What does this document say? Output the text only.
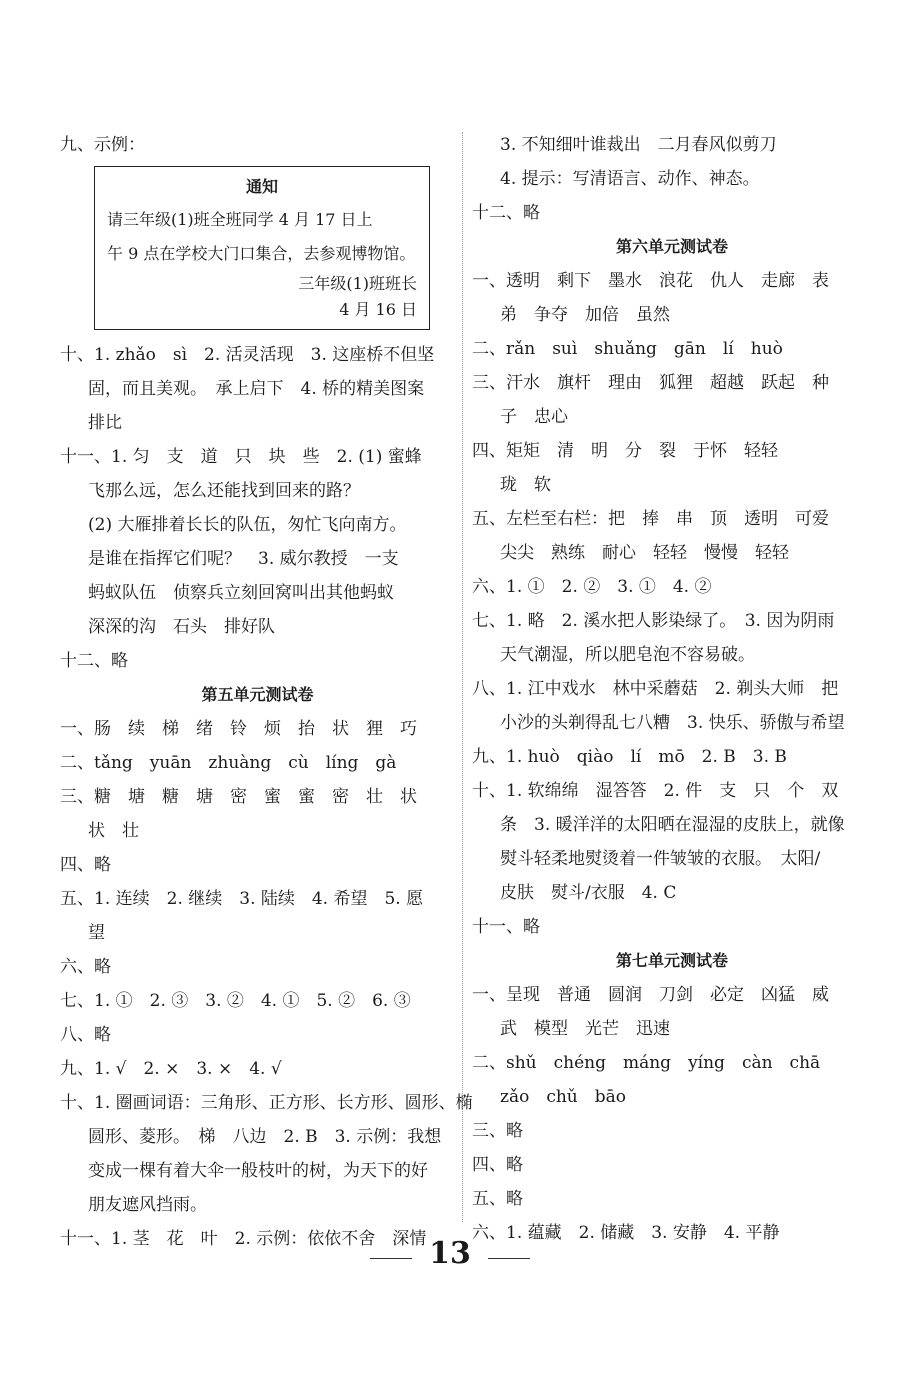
九、示例：
通知
请三年级(1)班全班同学 4 月 17 日上
午 9 点在学校大门口集合，去参观博物馆。
三年级(1)班班长
4 月 16 日
十、1. zhǎo　sì　2. 活灵活现　3. 这座桥不但坚
固，而且美观。　承上启下　4. 桥的精美图案
排比
十一、1. 匀　支　道　只　块　些　2. (1) 蜜蜂
飞那么远，怎么还能找到回来的路？
(2) 大雁排着长长的队伍，匆忙飞向南方。
是谁在指挥它们呢？　3. 威尔教授　一支
蚂蚁队伍　侦察兵立刻回窝叫出其他蚂蚁
深深的沟　石头　排好队
十二、略
第五单元测试卷
一、肠　续　梯　绪　铃　烦　抬　状　狸　巧
二、tǎng　yuān　zhuàng　cù　líng　gà
三、糖　塘　糖　塘　密　蜜　蜜　密　壮　状
状　壮
四、略
五、1. 连续　2. 继续　3. 陆续　4. 希望　5. 愿
望
六、略
七、1. ①　2. ③　3. ②　4. ①　5. ②　6. ③
八、略
九、1. √　2. ×　3. ×　4. √
十、1. 圈画词语：三角形、正方形、长方形、圆形、椭
圆形、菱形。　梯　八边　2. B　3. 示例：我想
变成一棵有着大伞一般枝叶的树，为天下的好
朋友遮风挡雨。
十一、1. 茎　花　叶　2. 示例：依依不舍　深情
3. 不知细叶谁裁出　二月春风似剪刀
4. 提示：写清语言、动作、神态。
十二、略
第六单元测试卷
一、透明　剩下　墨水　浪花　仇人　走廊　表
弟　争夺　加倍　虽然
二、rǎn　suì　shuǎng　gān　lí　huò
三、汗水　旗杆　理由　狐狸　超越　跃起　种
子　忠心
四、矩矩　清　明　分　裂　于怀　轻轻
珑　软
五、左栏至右栏：把　捧　串　顶　透明　可爱
尖尖　熟练　耐心　轻轻　慢慢　轻轻
六、1. ①　2. ②　3. ①　4. ②
七、1. 略　2. 溪水把人影染绿了。　3. 因为阴雨
天气潮湿，所以肥皂泡不容易破。
八、1. 江中戏水　林中采蘑菇　2. 剃头大师　把
小沙的头剃得乱七八糟　3. 快乐、骄傲与希望
九、1. huò　qiào　lí　mō　2. B　3. B
十、1. 软绵绵　湿答答　2. 件　支　只　个　双
条　3. 暖洋洋的太阳晒在湿湿的皮肤上，就像
熨斗轻柔地熨烫着一件皱皱的衣服。　太阳/
皮肤　熨斗/衣服　4. C
十一、略
第七单元测试卷
一、呈现　普通　圆润　刀剑　必定　凶猛　威
武　模型　光芒　迅速
二、shǔ　chéng　máng　yíng　càn　chā
zǎo　chǔ　bāo
三、略
四、略
五、略
六、1. 蕴藏　2. 储藏　3. 安静　4. 平静
13
